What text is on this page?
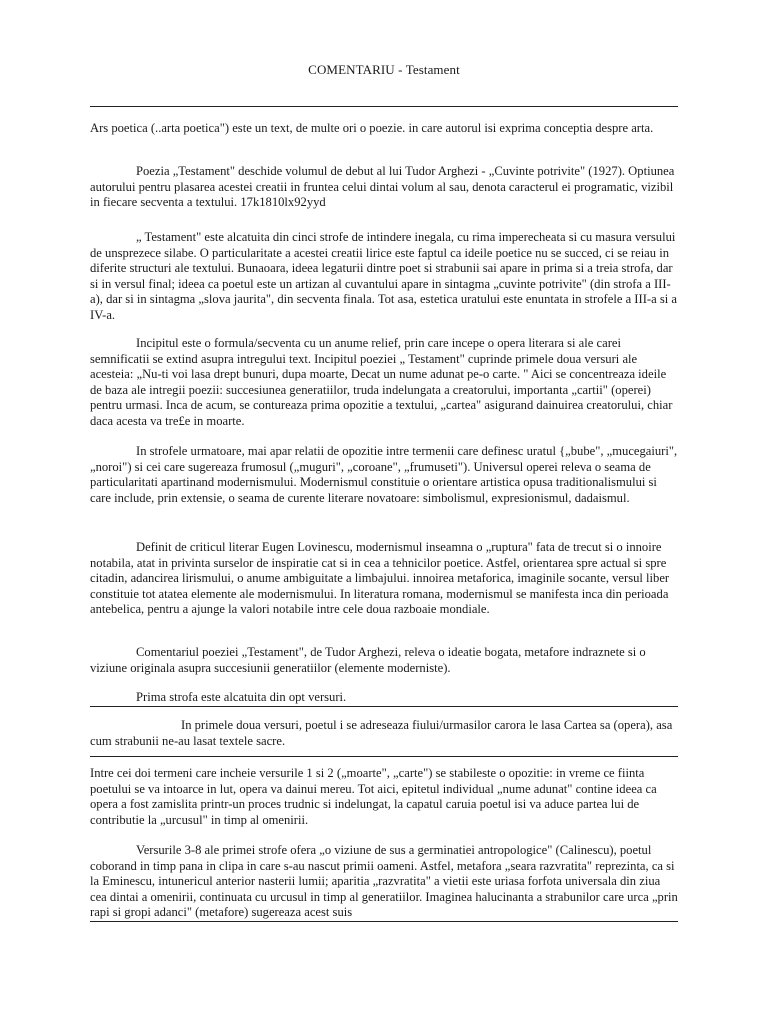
COMENTARIU - Testament

Ars poetica (..arta poetica") este un text, de multe ori o poezie. in care autorul isi exprima conceptia despre arta.

Poezia „Testament" deschide volumul de debut al lui Tudor Arghezi - „Cuvinte potrivite" (1927). Optiunea autorului pentru plasarea acestei creatii in fruntea celui dintai volum al sau, denota caracterul ei programatic, vizibil in fiecare secventa a textului. 17k1810lx92yyd

„ Testament" este alcatuita din cinci strofe de intindere inegala, cu rima imperecheata si cu masura versului de unsprezece silabe. O particularitate a acestei creatii lirice este faptul ca ideile poetice nu se succed, ci se reiau in diferite structuri ale textului. Bunaoara, ideea legaturii dintre poet si strabunii sai apare in prima si a treia strofa, dar si in versul final; ideea ca poetul este un artizan al cuvantului apare in sintagma „cuvinte potrivite" (din strofa a III-a), dar si in sintagma „slova jaurita", din secventa finala. Tot asa, estetica uratului este enuntata in strofele a III-a si a IV-a.

Incipitul este o formula/secventa cu un anume relief, prin care incepe o opera literara si ale carei semnificatii se extind asupra intregului text. Incipitul poeziei „ Testament" cuprinde primele doua versuri ale acesteia: „Nu-ti voi lasa drept bunuri, dupa moarte, Decat un nume adunat pe-o carte. " Aici se concentreaza ideile de baza ale intregii poezii: succesiunea generatiilor, truda indelungata a creatorului, importanta „cartii" (operei) pentru urmasi. Inca de acum, se contureaza prima opozitie a textului, „cartea" asigurand dainuirea creatorului, chiar daca acesta va tre£e in moarte.

In strofele urmatoare, mai apar relatii de opozitie intre termenii care definesc uratul {„bube", „mucegaiuri", „noroi") si cei care sugereaza frumosul („muguri", „coroane", „frumuseti"). Universul operei releva o seama de particularitati apartinand modernismului. Modernismul constituie o orientare artistica opusa traditionalismului si care include, prin extensie, o seama de curente literare novatoare: simbolismul, expresionismul, dadaismul.

Definit de criticul literar Eugen Lovinescu, modernismul inseamna o „ruptura" fata de trecut si o innoire notabila, atat in privinta surselor de inspiratie cat si in cea a tehnicilor poetice. Astfel, orientarea spre actual si spre citadin, adancirea lirismului, o anume ambiguitate a limbajului. innoirea metaforica, imaginile socante, versul liber constituie tot atatea elemente ale modernismului. In literatura romana, modernismul se manifesta inca din perioada antebelica, pentru a ajunge la valori notabile intre cele doua razboaie mondiale.

Comentariul poeziei „Testament", de Tudor Arghezi, releva o ideatie bogata, metafore indraznete si o viziune originala asupra succesiunii generatiilor (elemente moderniste).

Prima strofa este alcatuita din opt versuri.

In primele doua versuri, poetul i se adreseaza fiului/urmasilor carora le lasa Cartea sa (opera), asa cum strabunii ne-au lasat textele sacre.

Intre cei doi termeni care incheie versurile 1 si 2 („moarte", „carte") se stabileste o opozitie: in vreme ce fiinta poetului se va intoarce in lut, opera va dainui mereu. Tot aici, epitetul individual „nume adunat" contine ideea ca opera a fost zamislita printr-un proces trudnic si indelungat, la capatul caruia poetul isi va aduce partea lui de contributie la „urcusul" in timp al omenirii.

Versurile 3-8 ale primei strofe ofera „o viziune de sus a germinatiei antropologice" (Calinescu), poetul coborand in timp pana in clipa in care s-au nascut primii oameni. Astfel, metafora „seara razvratita" reprezinta, ca si la Eminescu, intunericul anterior nasterii lumii; aparitia „razvratita" a vietii este uriasa forfota universala din ziua cea dintai a omenirii, continuata cu urcusul in timp al generatiilor. Imaginea halucinanta a strabunilor care urca „prin rapi si gropi adanci" (metafore) sugereaza acest suis
